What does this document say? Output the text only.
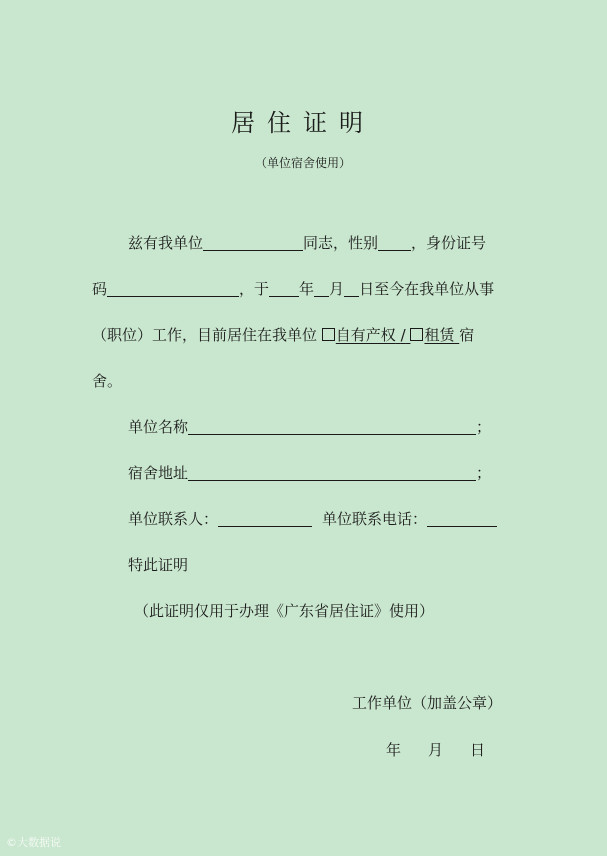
居住证明
（单位宿舍使用）
兹有我单位	同志，性别 ，身份证号
码	，于 年 月 日至今在我单位从事
（职位）工作，目前居住在我单位 自有产权 / 租赁 宿
舍。
单位名称	；
宿舍地址	；
单位联系人：	单位联系电话：
特此证明
（此证明仅用于办理《广东省居住证》使用）
工作单位（加盖公章）
年 月 日
©大数据说
